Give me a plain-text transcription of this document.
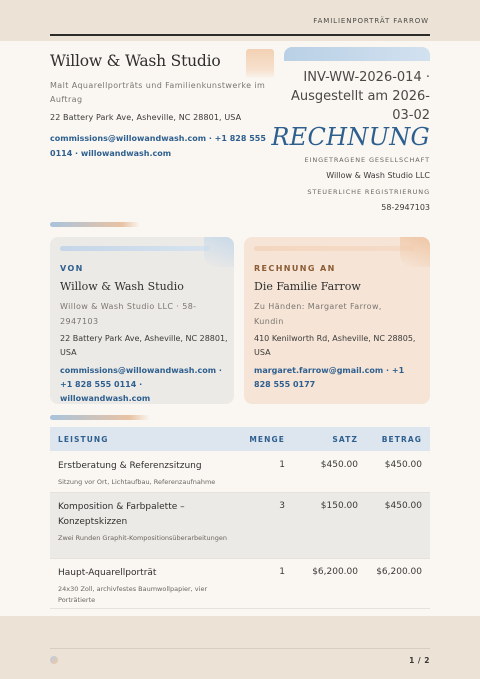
FAMILIENPORTRÄT FARROW
Willow & Wash Studio
Malt Aquarellporträts und Familienkunstwerke im Auftrag
22 Battery Park Ave, Asheville, NC 28801, USA
commissions@willowandwash.com · +1 828 555 0114 · willowandwash.com
INV-WW-2026-014 · Ausgestellt am 2026-03-02
RECHNUNG
EINGETRAGENE GESELLSCHAFT
Willow & Wash Studio LLC
STEUERLICHE REGISTRIERUNG
58-2947103
VON
Willow & Wash Studio
Willow & Wash Studio LLC · 58-2947103
22 Battery Park Ave, Asheville, NC 28801, USA
commissions@willowandwash.com · +1 828 555 0114 · willowandwash.com
RECHNUNG AN
Die Familie Farrow
Zu Händen: Margaret Farrow, Kundin
410 Kenilworth Rd, Asheville, NC 28805, USA
margaret.farrow@gmail.com · +1 828 555 0177
LEISTUNG	MENGE	SATZ	BETRAG
Erstberatung & Referenzsitzung
Sitzung vor Ort, Lichtaufbau, Referenzaufnahme
1	$450.00	$450.00
Komposition & Farbpalette – Konzeptskizzen
Zwei Runden Graphit-Kompositionsüberarbeitungen
3	$150.00	$450.00
Haupt-Aquarellporträt
24x30 Zoll, archivfestes Baumwollpapier, vier Porträtierte
1	$6,200.00 $6,200.00
1 / 2
